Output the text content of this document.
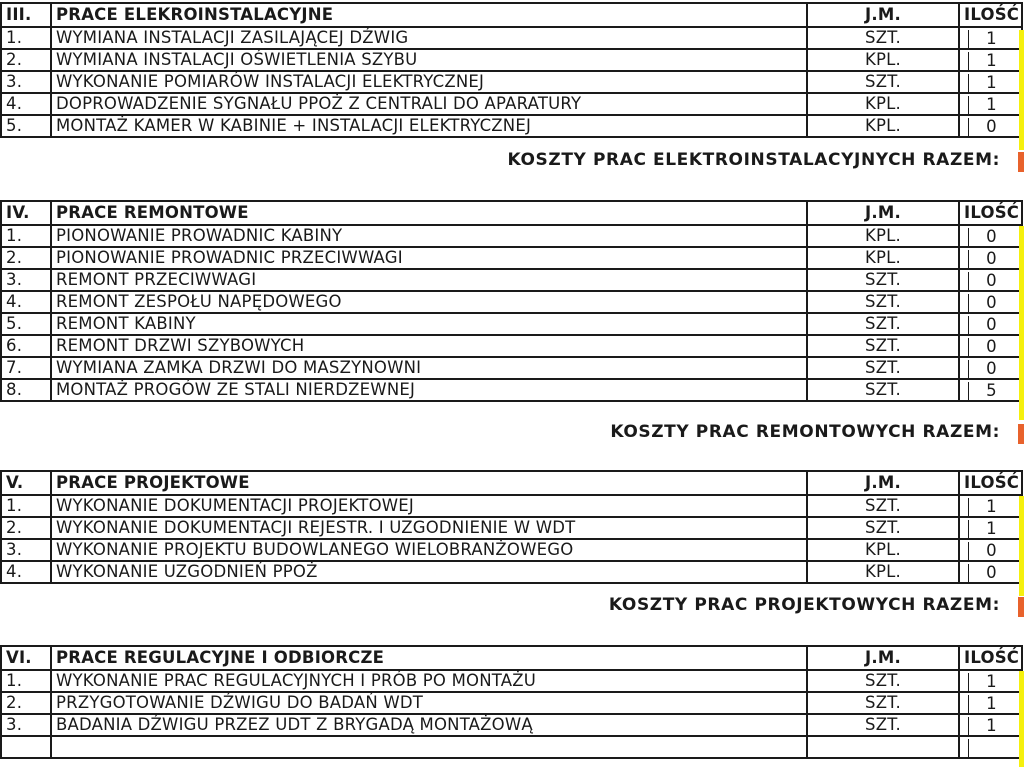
III.	PRACE ELEKROINSTALACYJNE	J.M.	ILOŚĆ
1.	WYMIANA INSTALACJI ZASILAJĄCEJ DŹWIG	SZT.	1

2.	WYMIANA INSTALACJI OŚWIETLENIA SZYBU	KPL.	1

3.	WYKONANIE POMIARÓW INSTALACJI ELEKTRYCZNEJ	SZT.	1

4.	DOPROWADZENIE SYGNAŁU PPOŻ Z CENTRALI DO APARATURY	KPL.	1

5.	MONTAŻ KAMER W KABINIE + INSTALACJI ELEKTRYCZNEJ	KPL.	0
KOSZTY PRAC ELEKTROINSTALACYJNYCH RAZEM:
IV.	PRACE REMONTOWE	J.M.	ILOŚĆ
1.	PIONOWANIE PROWADNIC KABINY	KPL.	0

2.	PIONOWANIE PROWADNIC PRZECIWWAGI	KPL.	0

3.	REMONT PRZECIWWAGI	SZT.	0

4.	REMONT ZESPOŁU NAPĘDOWEGO	SZT.	0

5.	REMONT KABINY	SZT.	0

6.	REMONT DRZWI SZYBOWYCH	SZT.	0

7.	WYMIANA ZAMKA DRZWI DO MASZYNOWNI	SZT.	0

8.	MONTAŻ PROGÓW ZE STALI NIERDZEWNEJ	SZT.	5
KOSZTY PRAC REMONTOWYCH RAZEM:
V.	PRACE PROJEKTOWE	J.M.	ILOŚĆ
1.	WYKONANIE DOKUMENTACJI PROJEKTOWEJ	SZT.	1

2.	WYKONANIE DOKUMENTACJI REJESTR. I UZGODNIENIE W WDT	SZT.	1

3.	WYKONANIE PROJEKTU BUDOWLANEGO WIELOBRANŻOWEGO	KPL.	0

4.	WYKONANIE UZGODNIEŃ PPOŻ	KPL.	0
KOSZTY PRAC PROJEKTOWYCH RAZEM:
VI.	PRACE REGULACYJNE I ODBIORCZE	J.M.	ILOŚĆ
1.	WYKONANIE PRAC REGULACYJNYCH I PRÓB PO MONTAŻU	SZT.	1

2.	PRZYGOTOWANIE DŹWIGU DO BADAŃ WDT	SZT.	1

3.	BADANIA DŹWIGU PRZEZ UDT Z BRYGADĄ MONTAŻOWĄ	SZT.	1
